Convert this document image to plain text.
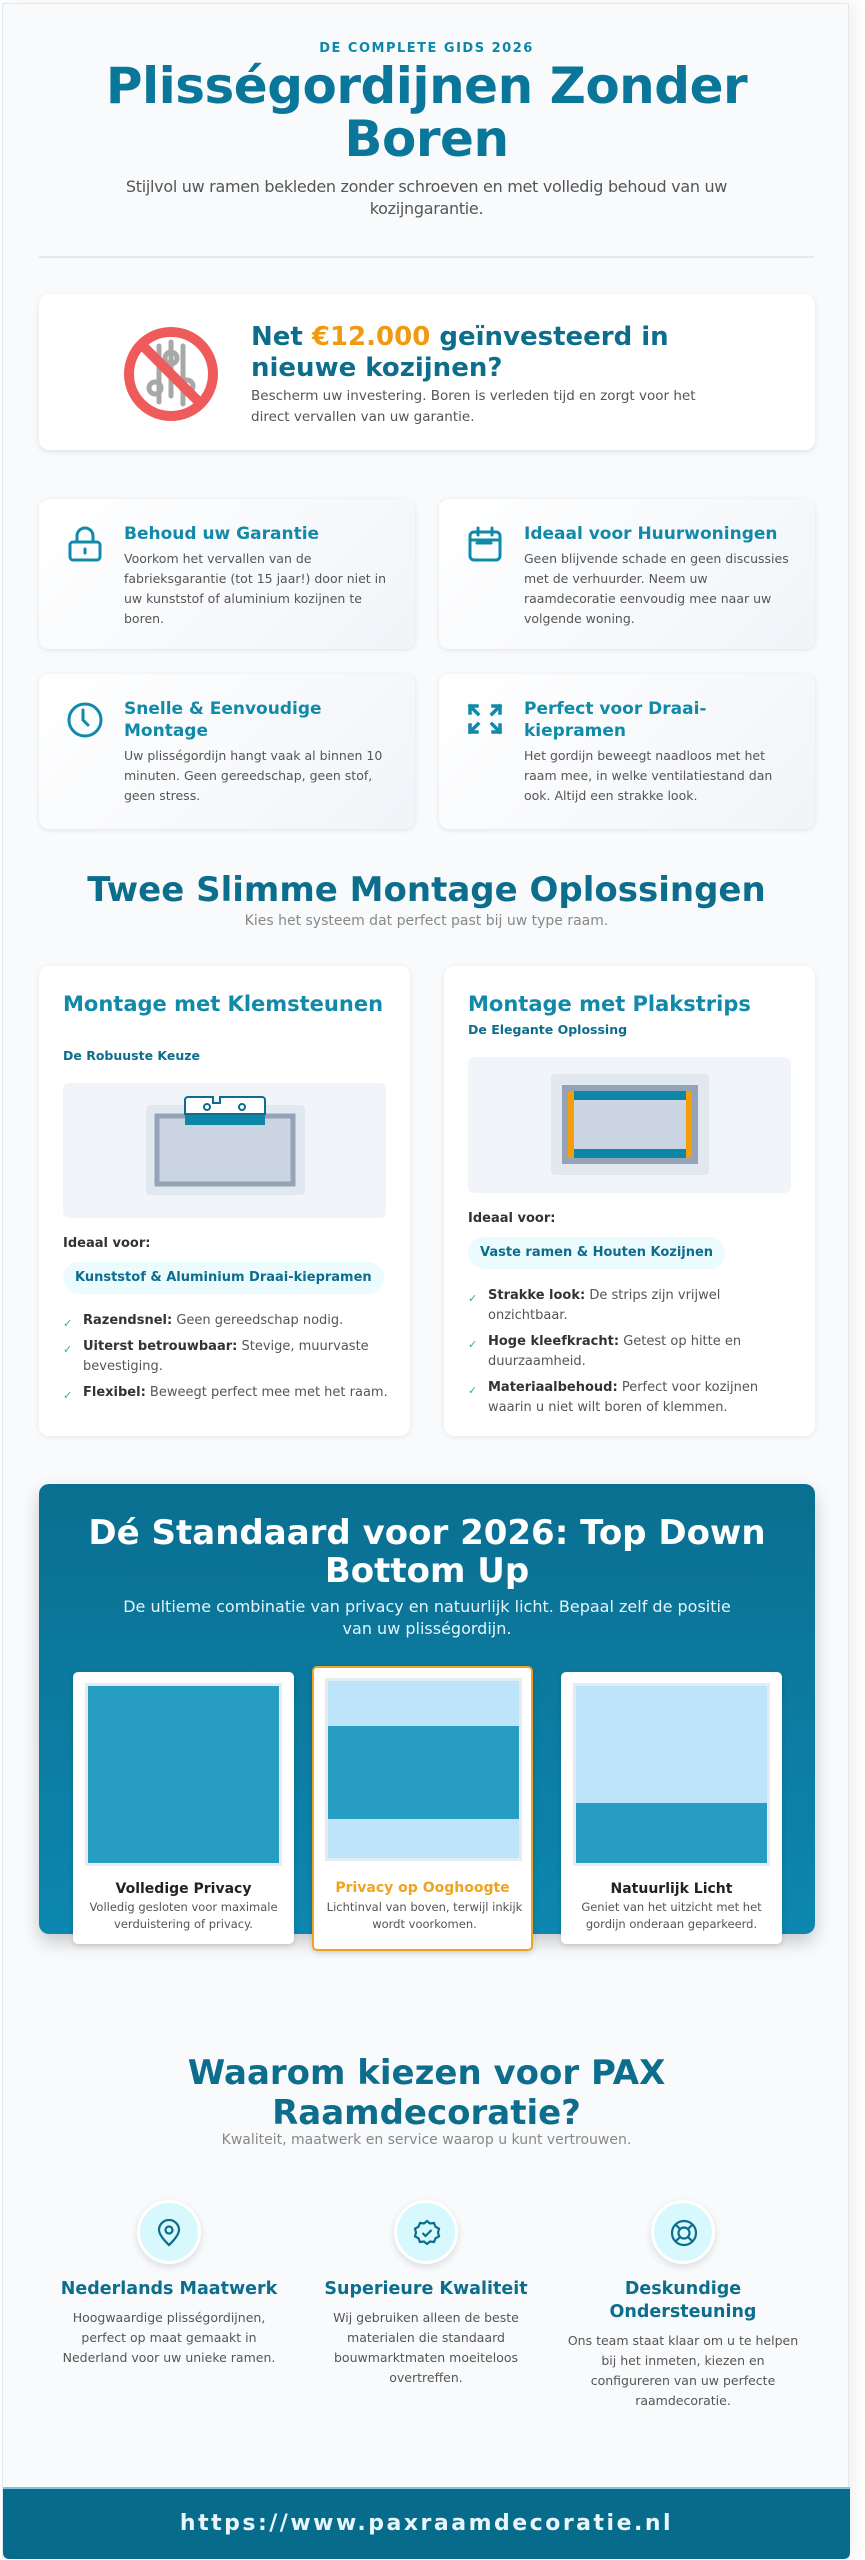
DE COMPLETE GIDS 2026
Plisségordijnen Zonder Boren

Stijlvol uw ramen bekleden zonder schroeven en met volledig behoud van uw kozijngarantie.

Net €12.000 geïnvesteerd in nieuwe kozijnen?

Bescherm uw investering. Boren is verleden tijd en zorgt voor het direct vervallen van uw garantie.

Behoud uw Garantie

Voorkom het vervallen van de fabrieksgarantie (tot 15 jaar!) door niet in uw kunststof of aluminium kozijnen te boren.

Ideaal voor Huurwoningen

Geen blijvende schade en geen discussies met de verhuurder. Neem uw raamdecoratie eenvoudig mee naar uw volgende woning.

Snelle & Eenvoudige Montage

Uw plisségordijn hangt vaak al binnen 10 minuten. Geen gereedschap, geen stof, geen stress.

Perfect voor Draai-kiepramen

Het gordijn beweegt naadloos met het raam mee, in welke ventilatiestand dan ook. Altijd een strakke look.

Twee Slimme Montage Oplossingen

Kies het systeem dat perfect past bij uw type raam.

Montage met Klemsteunen
De Robuuste Keuze
Ideaal voor:
Kunststof & Aluminium Draai-kiepramen
✓ Razendsnel: Geen gereedschap nodig.
✓ Uiterst betrouwbaar: Stevige, muurvaste bevestiging.
✓ Flexibel: Beweegt perfect mee met het raam.
Montage met Plakstrips
De Elegante Oplossing
Ideaal voor:
Vaste ramen & Houten Kozijnen
✓ Strakke look: De strips zijn vrijwel onzichtbaar.
✓ Hoge kleefkracht: Getest op hitte en duurzaamheid.
✓ Materiaalbehoud: Perfect voor kozijnen waarin u niet wilt boren of klemmen.
Dé Standaard voor 2026: Top Down Bottom Up

De ultieme combinatie van privacy en natuurlijk licht. Bepaal zelf de positie van uw plisségordijn.

Volledige Privacy
Volledig gesloten voor maximale verduistering of privacy.
Privacy op Ooghoogte
Lichtinval van boven, terwijl inkijk wordt voorkomen.
Natuurlijk Licht
Geniet van het uitzicht met het gordijn onderaan geparkeerd.
Waarom kiezen voor PAX Raamdecoratie?

Kwaliteit, maatwerk en service waarop u kunt vertrouwen.

Nederlands Maatwerk

Hoogwaardige plisségordijnen, perfect op maat gemaakt in Nederland voor uw unieke ramen.

Superieure Kwaliteit

Wij gebruiken alleen de beste materialen die standaard bouwmarktmaten moeiteloos overtreffen.

Deskundige Ondersteuning

Ons team staat klaar om u te helpen bij het inmeten, kiezen en configureren van uw perfecte raamdecoratie.

https://www.paxraamdecoratie.nl
